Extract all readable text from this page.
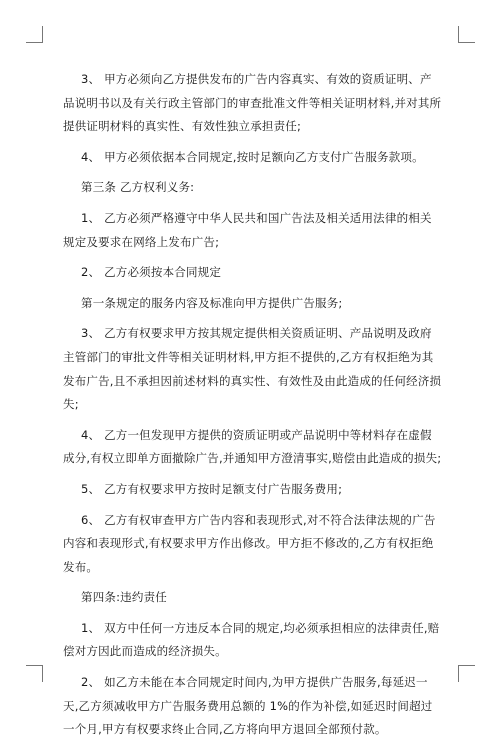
3、 甲方必须向乙方提供发布的广告内容真实、有效的资质证明、产品说明书以及有关行政主管部门的审查批准文件等相关证明材料,并对其所提供证明材料的真实性、有效性独立承担责任;

4、 甲方必须依据本合同规定,按时足额向乙方支付广告服务款项。

第三条 乙方权利义务:

1、 乙方必须严格遵守中华人民共和国广告法及相关适用法律的相关规定及要求在网络上发布广告;

2、 乙方必须按本合同规定

第一条规定的服务内容及标准向甲方提供广告服务;

3、 乙方有权要求甲方按其规定提供相关资质证明、产品说明及政府主管部门的审批文件等相关证明材料,甲方拒不提供的,乙方有权拒绝为其发布广告,且不承担因前述材料的真实性、有效性及由此造成的任何经济损失;

4、 乙方一但发现甲方提供的资质证明或产品说明中等材料存在虚假成分,有权立即单方面撤除广告,并通知甲方澄清事实,赔偿由此造成的损失;

5、 乙方有权要求甲方按时足额支付广告服务费用;

6、 乙方有权审查甲方广告内容和表现形式,对不符合法律法规的广告内容和表现形式,有权要求甲方作出修改。甲方拒不修改的,乙方有权拒绝发布。

第四条:违约责任

1、 双方中任何一方违反本合同的规定,均必须承担相应的法律责任,赔偿对方因此而造成的经济损失。

2、 如乙方未能在本合同规定时间内,为甲方提供广告服务,每延迟一天,乙方须减收甲方广告服务费用总额的 1%的作为补偿,如延迟时间超过一个月,甲方有权要求终止合同,乙方将向甲方退回全部预付款。
